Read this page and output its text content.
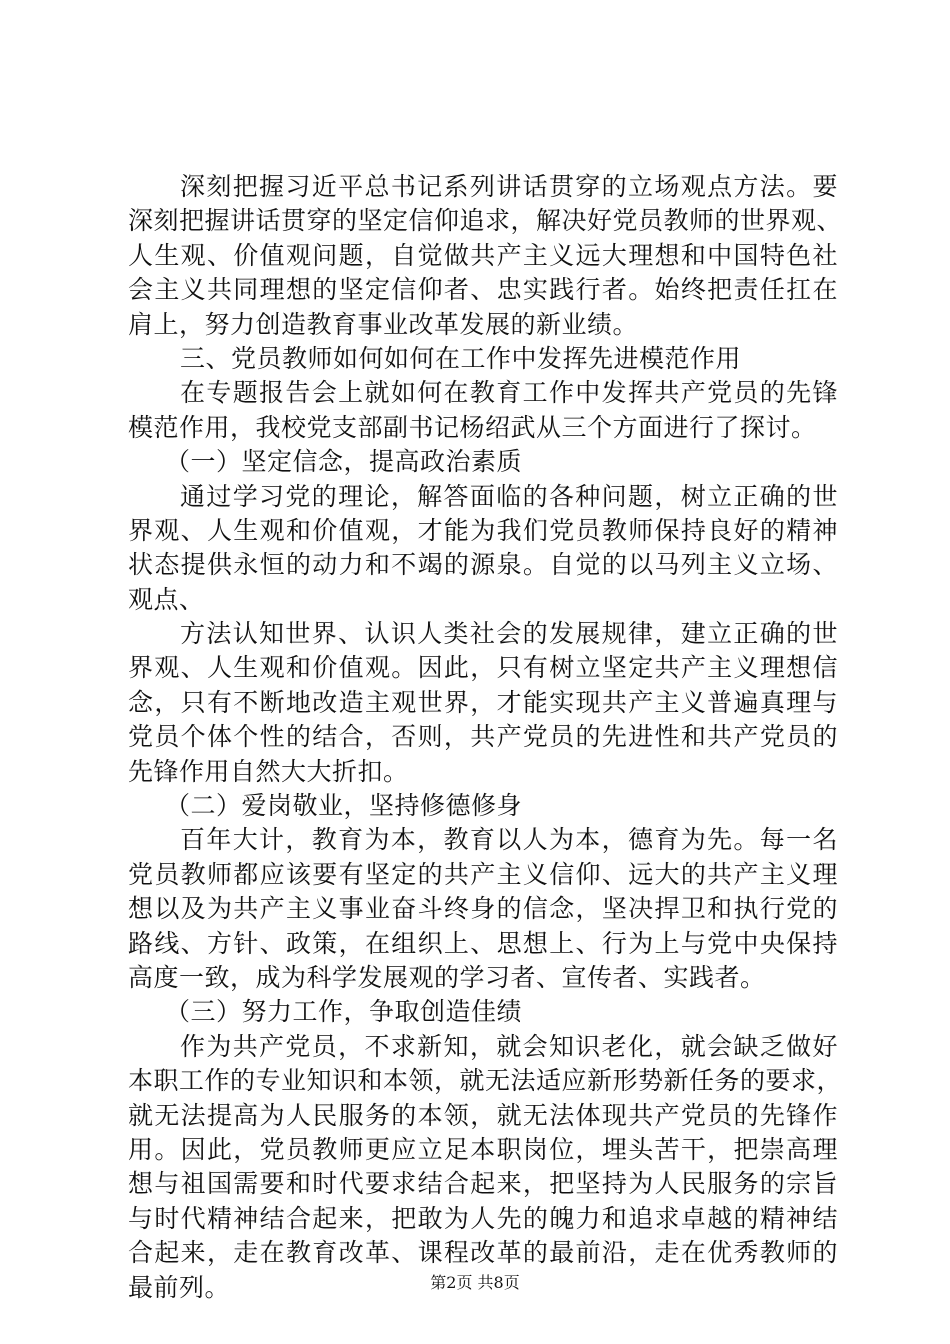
深刻把握习近平总书记系列讲话贯穿的立场观点方法。要
深刻把握讲话贯穿的坚定信仰追求，解决好党员教师的世界观、
人生观、价值观问题，自觉做共产主义远大理想和中国特色社
会主义共同理想的坚定信仰者、忠实践行者。始终把责任扛在
肩上，努力创造教育事业改革发展的新业绩。
三、党员教师如何如何在工作中发挥先进模范作用
在专题报告会上就如何在教育工作中发挥共产党员的先锋
模范作用，我校党支部副书记杨绍武从三个方面进行了探讨。
（一）坚定信念，提高政治素质
通过学习党的理论，解答面临的各种问题，树立正确的世
界观、人生观和价值观，才能为我们党员教师保持良好的精神
状态提供永恒的动力和不竭的源泉。自觉的以马列主义立场、
观点、
方法认知世界、认识人类社会的发展规律，建立正确的世
界观、人生观和价值观。因此，只有树立坚定共产主义理想信
念，只有不断地改造主观世界，才能实现共产主义普遍真理与
党员个体个性的结合，否则，共产党员的先进性和共产党员的
先锋作用自然大大折扣。
（二）爱岗敬业，坚持修德修身
百年大计，教育为本，教育以人为本，德育为先。每一名
党员教师都应该要有坚定的共产主义信仰、远大的共产主义理
想以及为共产主义事业奋斗终身的信念，坚决捍卫和执行党的
路线、方针、政策，在组织上、思想上、行为上与党中央保持
高度一致，成为科学发展观的学习者、宣传者、实践者。
（三）努力工作，争取创造佳绩
作为共产党员，不求新知，就会知识老化，就会缺乏做好
本职工作的专业知识和本领，就无法适应新形势新任务的要求，
就无法提高为人民服务的本领，就无法体现共产党员的先锋作
用。因此，党员教师更应立足本职岗位，埋头苦干，把崇高理
想与祖国需要和时代要求结合起来，把坚持为人民服务的宗旨
与时代精神结合起来，把敢为人先的魄力和追求卓越的精神结
合起来，走在教育改革、课程改革的最前沿，走在优秀教师的
最前列。	第2页 共8页
